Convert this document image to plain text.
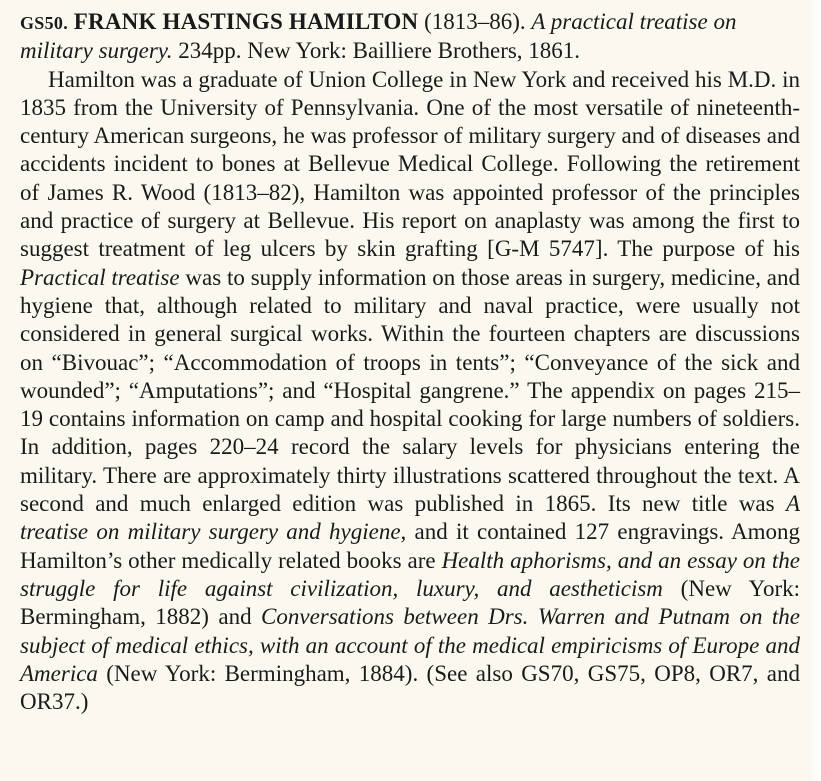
GS50. FRANK HASTINGS HAMILTON (1813–86). A practical treatise on military surgery. 234pp. New York: Bailliere Brothers, 1861.

Hamilton was a graduate of Union College in New York and received his M.D. in 1835 from the University of Pennsylvania. One of the most versatile of nineteenth-century American surgeons, he was professor of military surgery and of diseases and accidents incident to bones at Bellevue Medical College. Following the retirement of James R. Wood (1813–82), Hamilton was appointed professor of the principles and practice of surgery at Bellevue. His report on anaplasty was among the first to suggest treatment of leg ulcers by skin grafting [G-M 5747]. The purpose of his Practical treatise was to supply information on those areas in surgery, medicine, and hygiene that, although related to military and naval practice, were usually not considered in general surgical works. Within the fourteen chapters are discussions on “Bivouac”; “Accommodation of troops in tents”; “Conveyance of the sick and wounded”; “Amputations”; and “Hospital gangrene.” The appendix on pages 215–19 contains information on camp and hospital cooking for large numbers of soldiers. In addition, pages 220–24 record the salary levels for physicians entering the military. There are approximately thirty illustrations scattered throughout the text. A second and much enlarged edition was published in 1865. Its new title was A treatise on military surgery and hygiene, and it contained 127 engravings. Among Hamilton’s other medically related books are Health aphorisms, and an essay on the struggle for life against civilization, luxury, and aestheticism (New York: Bermingham, 1882) and Conversations between Drs. Warren and Putnam on the subject of medical ethics, with an account of the medical empiricisms of Europe and America (New York: Bermingham, 1884). (See also GS70, GS75, OP8, OR7, and OR37.)
